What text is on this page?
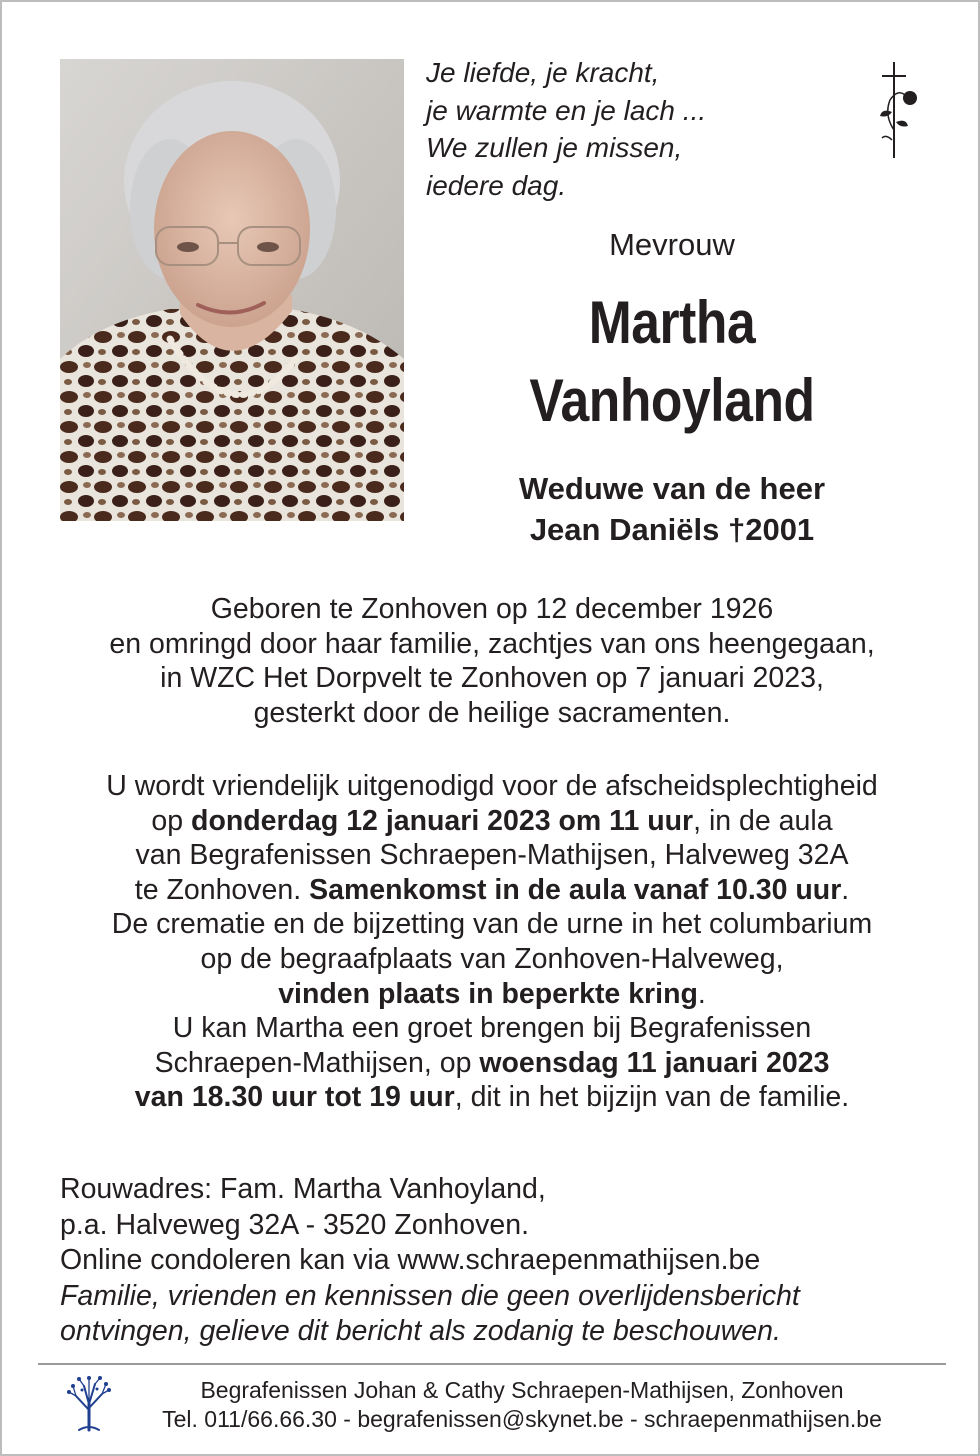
Je liefde, je kracht,
je warmte en je lach ...
We zullen je missen,
iedere dag.
Mevrouw
Martha
Vanhoyland
Weduwe van de heer
Jean Daniëls †2001
Geboren te Zonhoven op 12 december 1926
en omringd door haar familie, zachtjes van ons heengegaan,
in WZC Het Dorpvelt te Zonhoven op 7 januari 2023,
gesterkt door de heilige sacramenten.
U wordt vriendelijk uitgenodigd voor de afscheidsplechtigheid
op donderdag 12 januari 2023 om 11 uur, in de aula
van Begrafenissen Schraepen-Mathijsen, Halveweg 32A
te Zonhoven. Samenkomst in de aula vanaf 10.30 uur.
De crematie en de bijzetting van de urne in het columbarium
op de begraafplaats van Zonhoven-Halveweg,
vinden plaats in beperkte kring.
U kan Martha een groet brengen bij Begrafenissen
Schraepen-Mathijsen, op woensdag 11 januari 2023
van 18.30 uur tot 19 uur, dit in het bijzijn van de familie.
Rouwadres: Fam. Martha Vanhoyland,
p.a. Halveweg 32A - 3520 Zonhoven.
Online condoleren kan via www.schraepenmathijsen.be
Familie, vrienden en kennissen die geen overlijdensbericht
ontvingen, gelieve dit bericht als zodanig te beschouwen.
Begrafenissen Johan & Cathy Schraepen-Mathijsen, Zonhoven
Tel. 011/66.66.30 - begrafenissen@skynet.be - schraepenmathijsen.be
